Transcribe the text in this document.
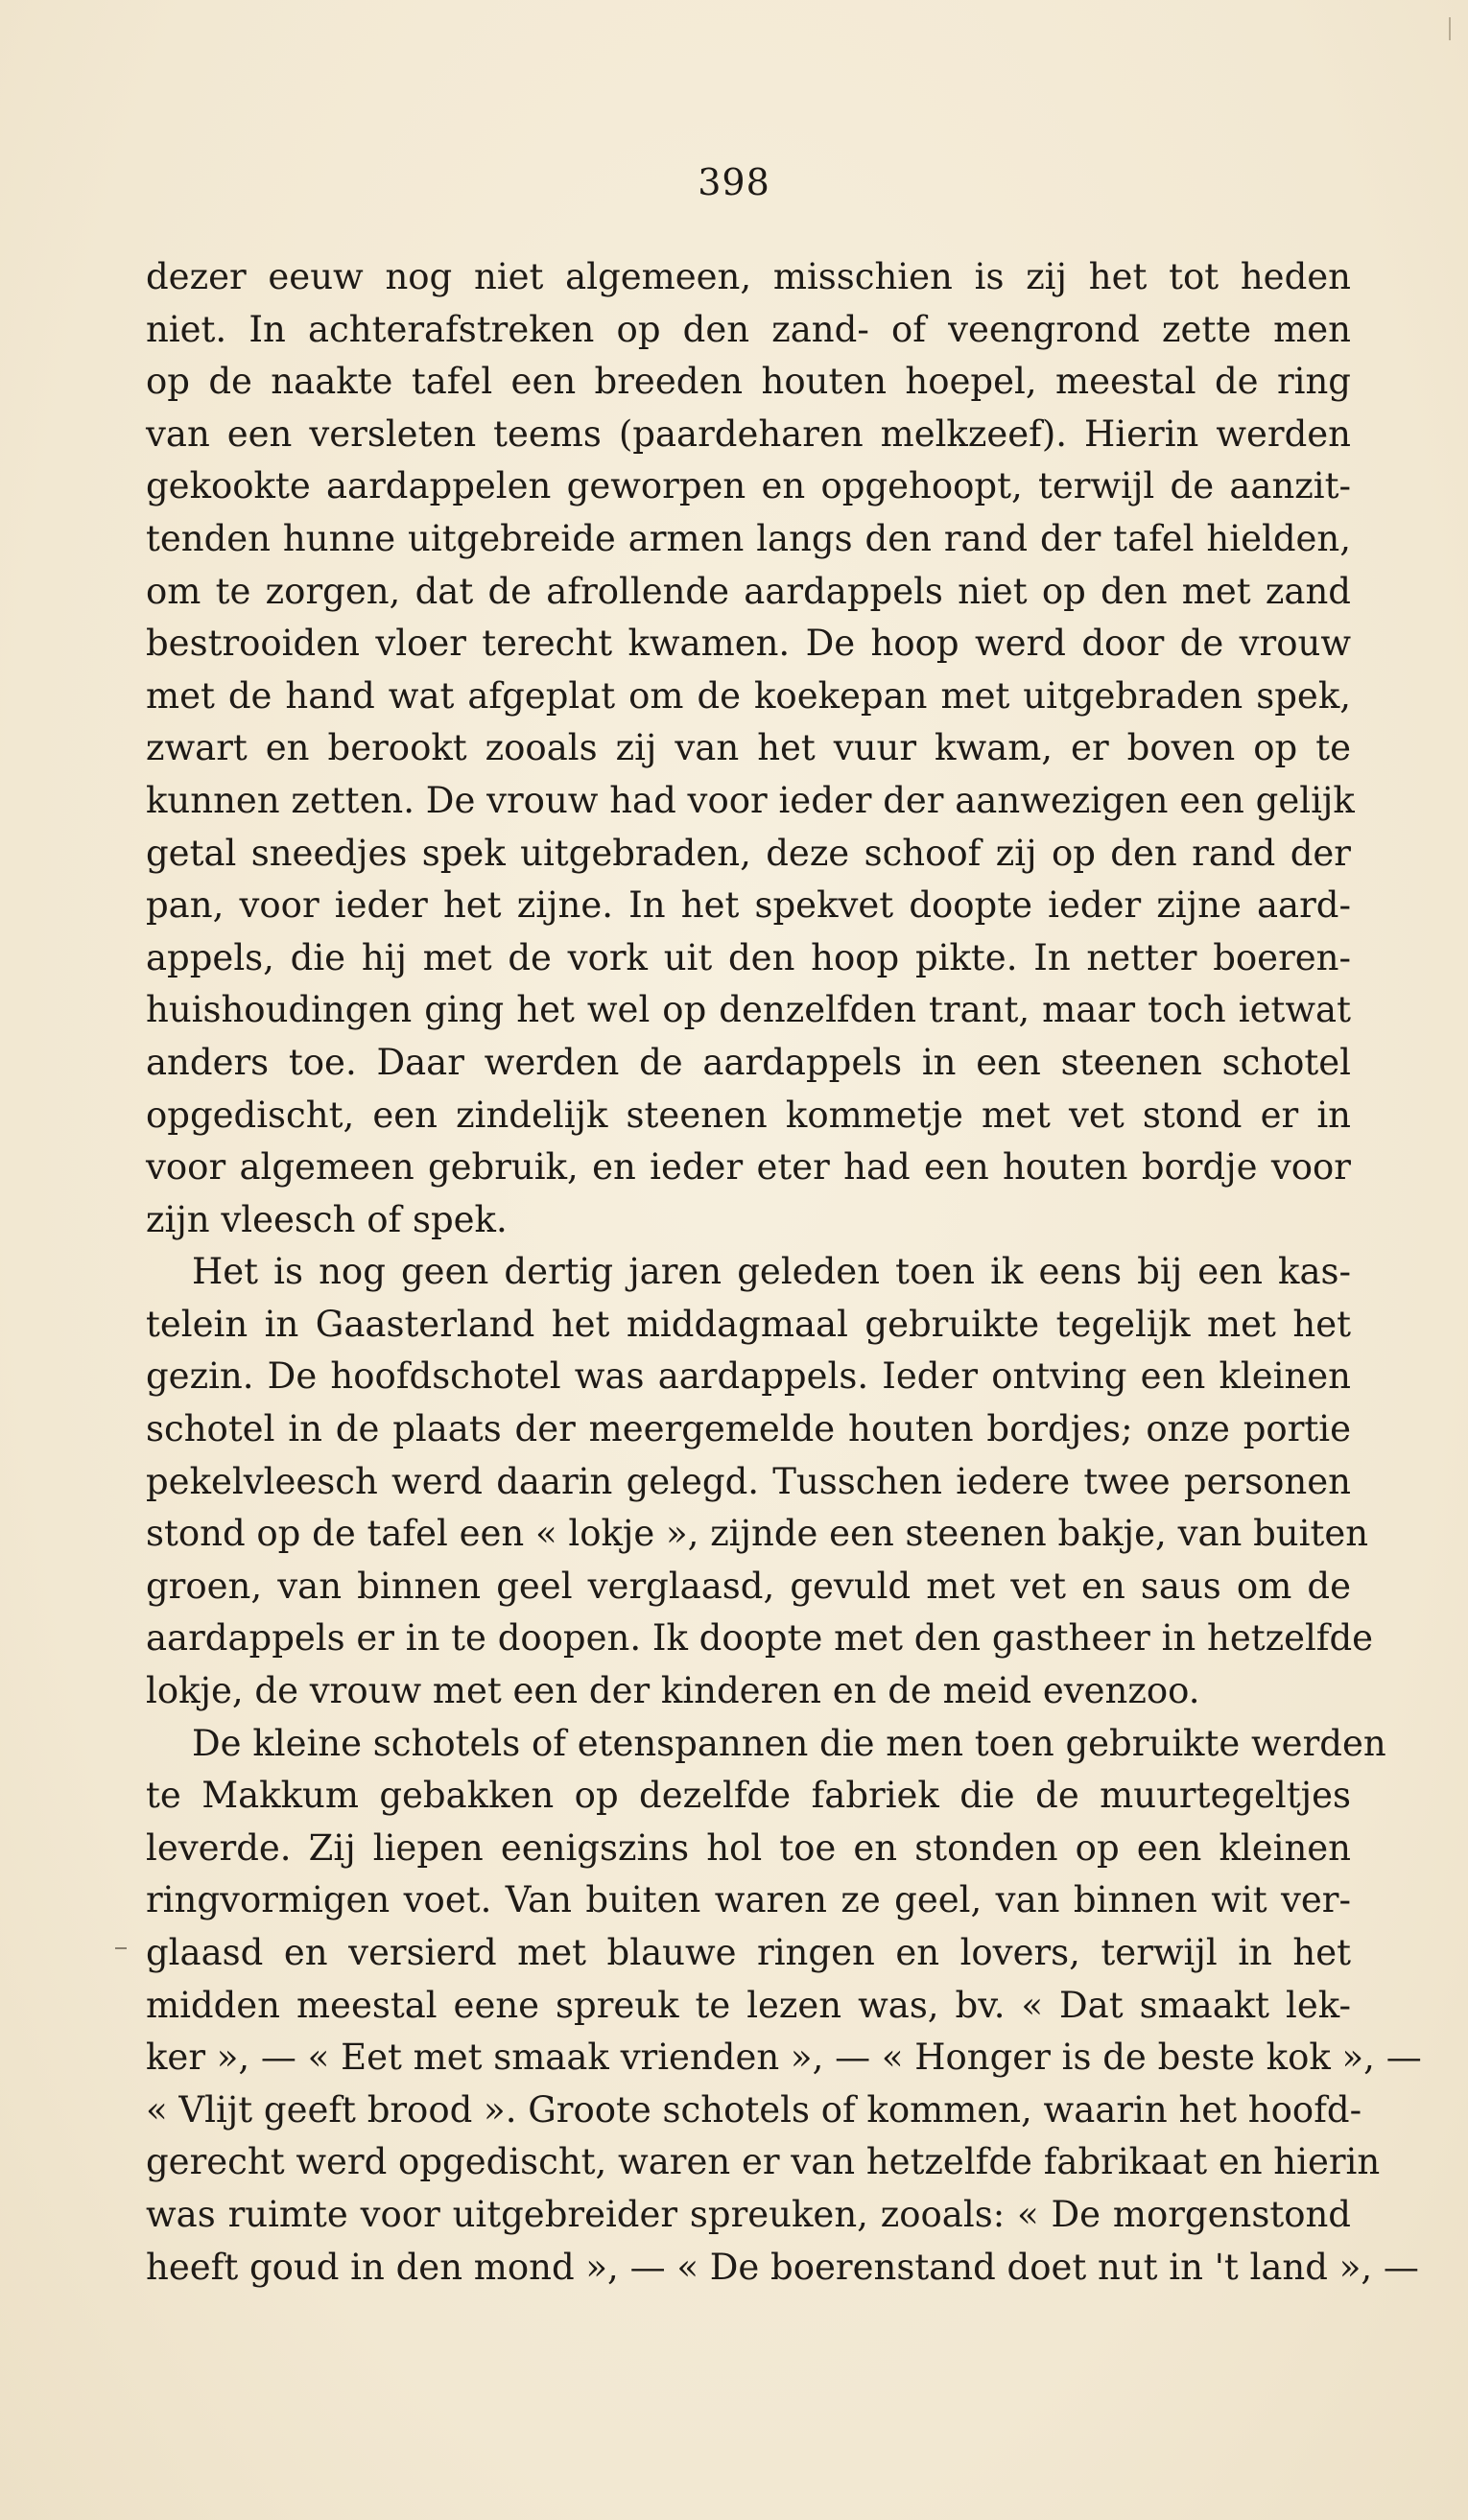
398
dezer eeuw nog niet algemeen, misschien is zij het tot heden
niet. In achterafstreken op den zand- of veengrond zette men
op de naakte tafel een breeden houten hoepel, meestal de ring
van een versleten teems (paardeharen melkzeef). Hierin werden
gekookte aardappelen geworpen en opgehoopt, terwijl de aanzit-
tenden hunne uitgebreide armen langs den rand der tafel hielden,
om te zorgen, dat de afrollende aardappels niet op den met zand
bestrooiden vloer terecht kwamen. De hoop werd door de vrouw
met de hand wat afgeplat om de koekepan met uitgebraden spek,
zwart en berookt zooals zij van het vuur kwam, er boven op te
kunnen zetten. De vrouw had voor ieder der aanwezigen een gelijk
getal sneedjes spek uitgebraden, deze schoof zij op den rand der
pan, voor ieder het zijne. In het spekvet doopte ieder zijne aard-
appels, die hij met de vork uit den hoop pikte. In netter boeren-
huishoudingen ging het wel op denzelfden trant, maar toch ietwat
anders toe. Daar werden de aardappels in een steenen schotel
opgedischt, een zindelijk steenen kommetje met vet stond er in
voor algemeen gebruik, en ieder eter had een houten bordje voor
zijn vleesch of spek.
Het is nog geen dertig jaren geleden toen ik eens bij een kas-
telein in Gaasterland het middagmaal gebruikte tegelijk met het
gezin. De hoofdschotel was aardappels. Ieder ontving een kleinen
schotel in de plaats der meergemelde houten bordjes; onze portie
pekelvleesch werd daarin gelegd. Tusschen iedere twee personen
stond op de tafel een « lokje », zijnde een steenen bakje, van buiten
groen, van binnen geel verglaasd, gevuld met vet en saus om de
aardappels er in te doopen. Ik doopte met den gastheer in hetzelfde
lokje, de vrouw met een der kinderen en de meid evenzoo.
De kleine schotels of etenspannen die men toen gebruikte werden
te Makkum gebakken op dezelfde fabriek die de muurtegeltjes
leverde. Zij liepen eenigszins hol toe en stonden op een kleinen
ringvormigen voet. Van buiten waren ze geel, van binnen wit ver-
glaasd en versierd met blauwe ringen en lovers, terwijl in het
midden meestal eene spreuk te lezen was, bv. « Dat smaakt lek-
ker », — « Eet met smaak vrienden », — « Honger is de beste kok », —
« Vlijt geeft brood ». Groote schotels of kommen, waarin het hoofd-
gerecht werd opgedischt, waren er van hetzelfde fabrikaat en hierin
was ruimte voor uitgebreider spreuken, zooals: « De morgenstond
heeft goud in den mond », — « De boerenstand doet nut in 't land », —
